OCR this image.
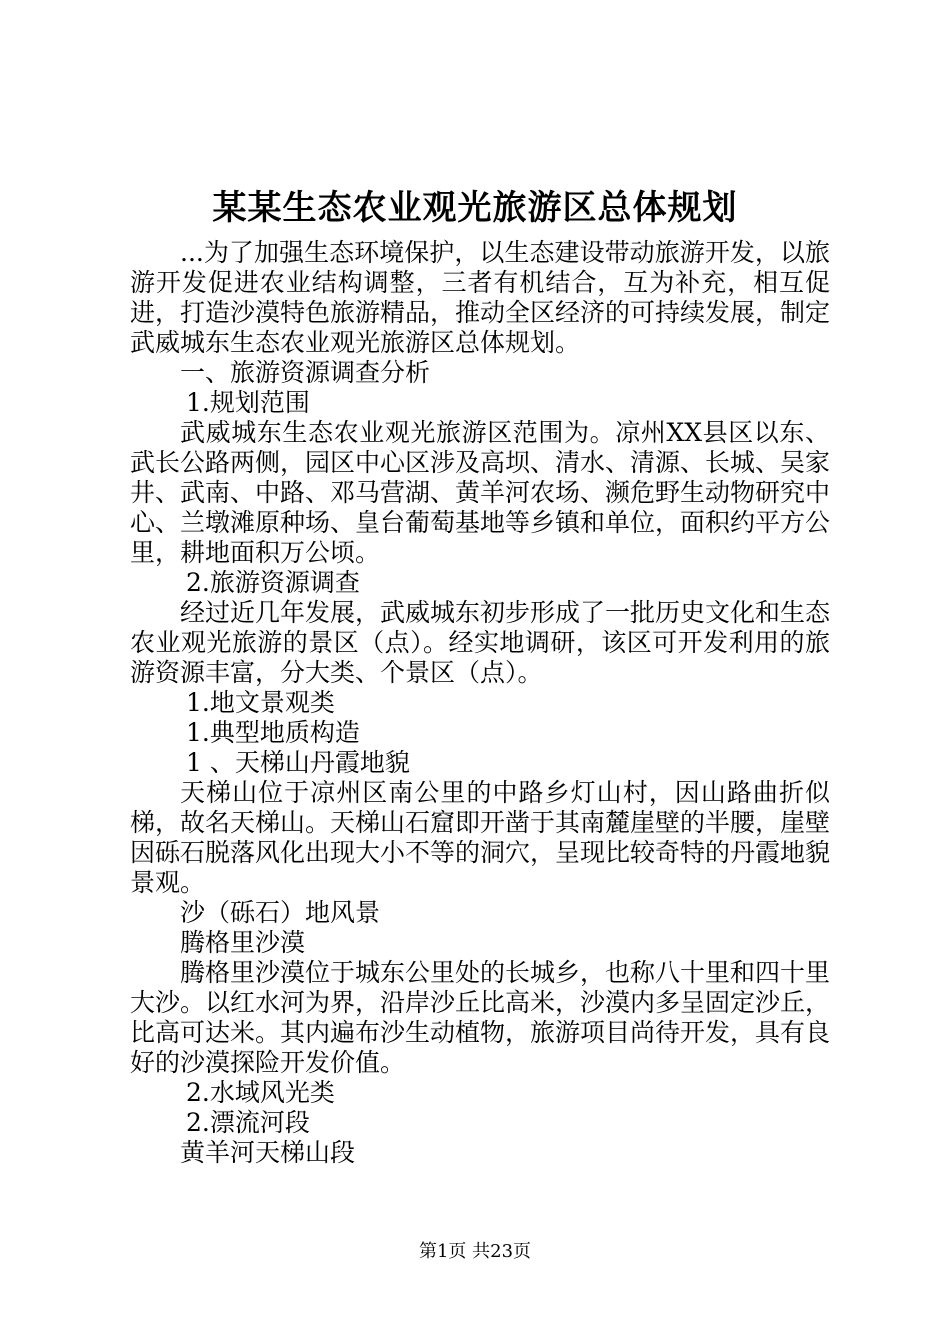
某某生态农业观光旅游区总体规划

...为了加强生态环境保护，以生态建设带动旅游开发，以旅游开发促进农业结构调整，三者有机结合，互为补充，相互促进，打造沙漠特色旅游精品，推动全区经济的可持续发展，制定武威城东生态农业观光旅游区总体规划。

一、旅游资源调查分析

1.规划范围

武威城东生态农业观光旅游区范围为。凉州XX县区以东、武长公路两侧，园区中心区涉及高坝、清水、清源、长城、吴家井、武南、中路、邓马营湖、黄羊河农场、濒危野生动物研究中心、兰墩滩原种场、皇台葡萄基地等乡镇和单位，面积约平方公里，耕地面积万公顷。

2.旅游资源调查

经过近几年发展，武威城东初步形成了一批历史文化和生态农业观光旅游的景区（点）。经实地调研，该区可开发利用的旅游资源丰富，分大类、个景区（点）。

1.地文景观类

1.典型地质构造

1 、天梯山丹霞地貌

天梯山位于凉州区南公里的中路乡灯山村，因山路曲折似梯，故名天梯山。天梯山石窟即开凿于其南麓崖壁的半腰，崖壁因砾石脱落风化出现大小不等的洞穴，呈现比较奇特的丹霞地貌景观。

沙（砾石）地风景

腾格里沙漠

腾格里沙漠位于城东公里处的长城乡，也称八十里和四十里大沙。以红水河为界，沿岸沙丘比高米，沙漠内多呈固定沙丘，比高可达米。其内遍布沙生动植物，旅游项目尚待开发，具有良好的沙漠探险开发价值。

2.水域风光类

2.漂流河段

黄羊河天梯山段

第1页 共23页
